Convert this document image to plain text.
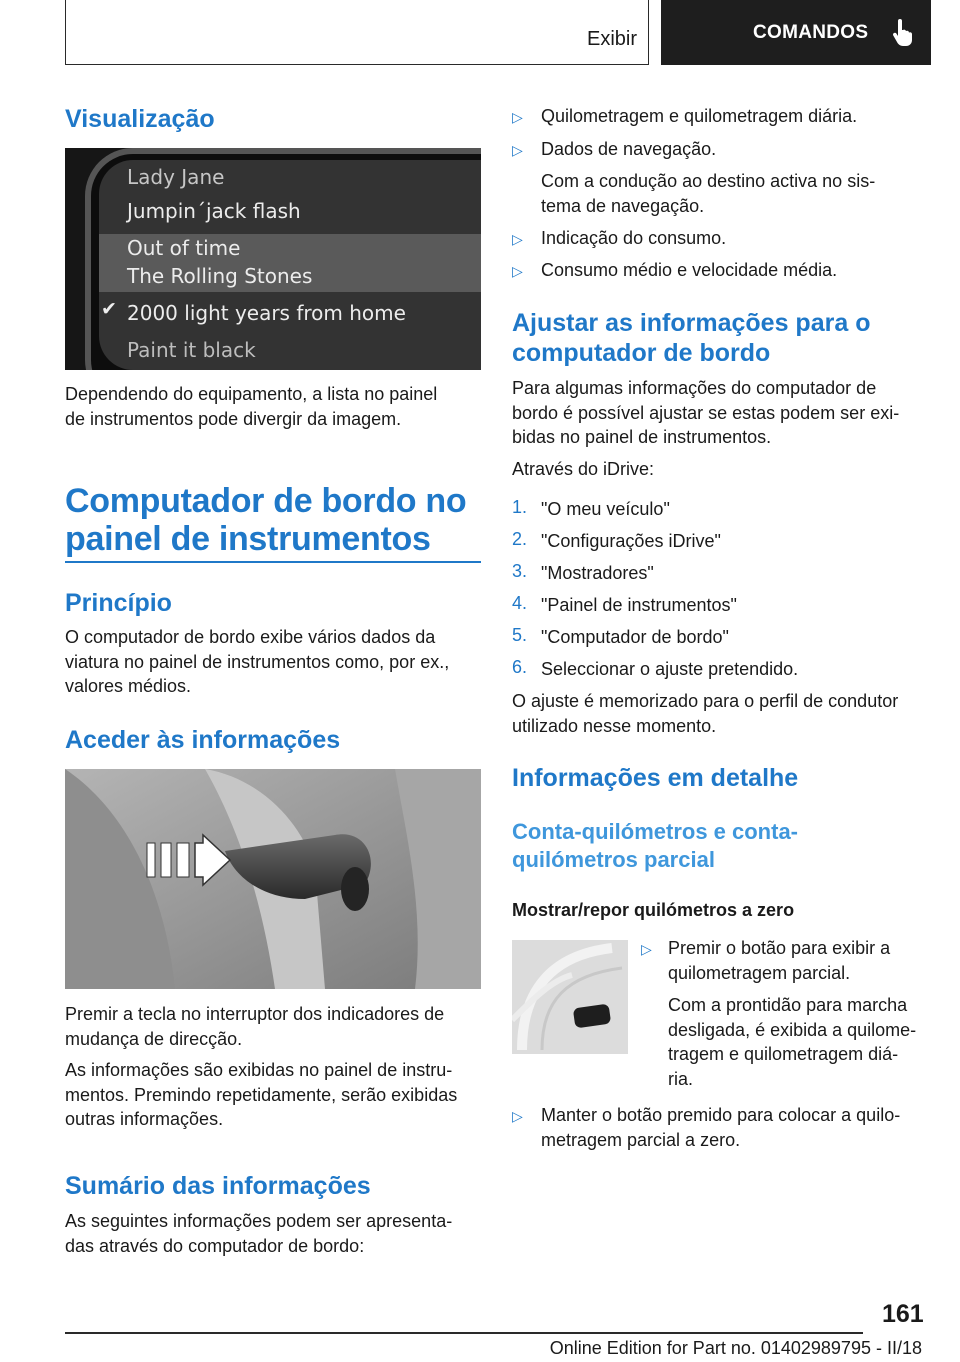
Exibir	COMANDOS
Visualização
Lady Jane
Jumpin´jack flash
Out of time
The Rolling Stones
✔ 2000 light years from home
Paint it black

Dependendo do equipamento, a lista no painel
de instrumentos pode divergir da imagem.

Computador de bordo no
painel de instrumentos
Princípio

O computador de bordo exibe vários dados da
viatura no painel de instrumentos como, por ex.,
valores médios.

Aceder às informações

Premir a tecla no interruptor dos indicadores de
mudança de direcção.

As informações são exibidas no painel de instru-
mentos. Premindo repetidamente, serão exibidas
outras informações.

Sumário das informações

As seguintes informações podem ser apresenta-
das através do computador de bordo:

▷ Quilometragem e quilometragem diária.

▷ Dados de navegação.

Com a condução ao destino activa no sis-
tema de navegação.

▷ Indicação do consumo.

▷ Consumo médio e velocidade média.

Ajustar as informações para o
computador de bordo

Para algumas informações do computador de
bordo é possível ajustar se estas podem ser exi-
bidas no painel de instrumentos.

Através do iDrive:

1. "O meu veículo"

2. "Configurações iDrive"

3. "Mostradores"

4. "Painel de instrumentos"

5. "Computador de bordo"

6. Seleccionar o ajuste pretendido.

O ajuste é memorizado para o perfil de condutor
utilizado nesse momento.

Informações em detalhe
Conta-quilómetros e conta-
quilómetros parcial
Mostrar/repor quilómetros a zero
▷ Premir o botão para exibir a
quilometragem parcial.

Com a prontidão para marcha
desligada, é exibida a quilome-
tragem e quilometragem diá-
ria.

▷ Manter o botão premido para colocar a quilo-
metragem parcial a zero.

161
Online Edition for Part no. 01402989795 - II/18
